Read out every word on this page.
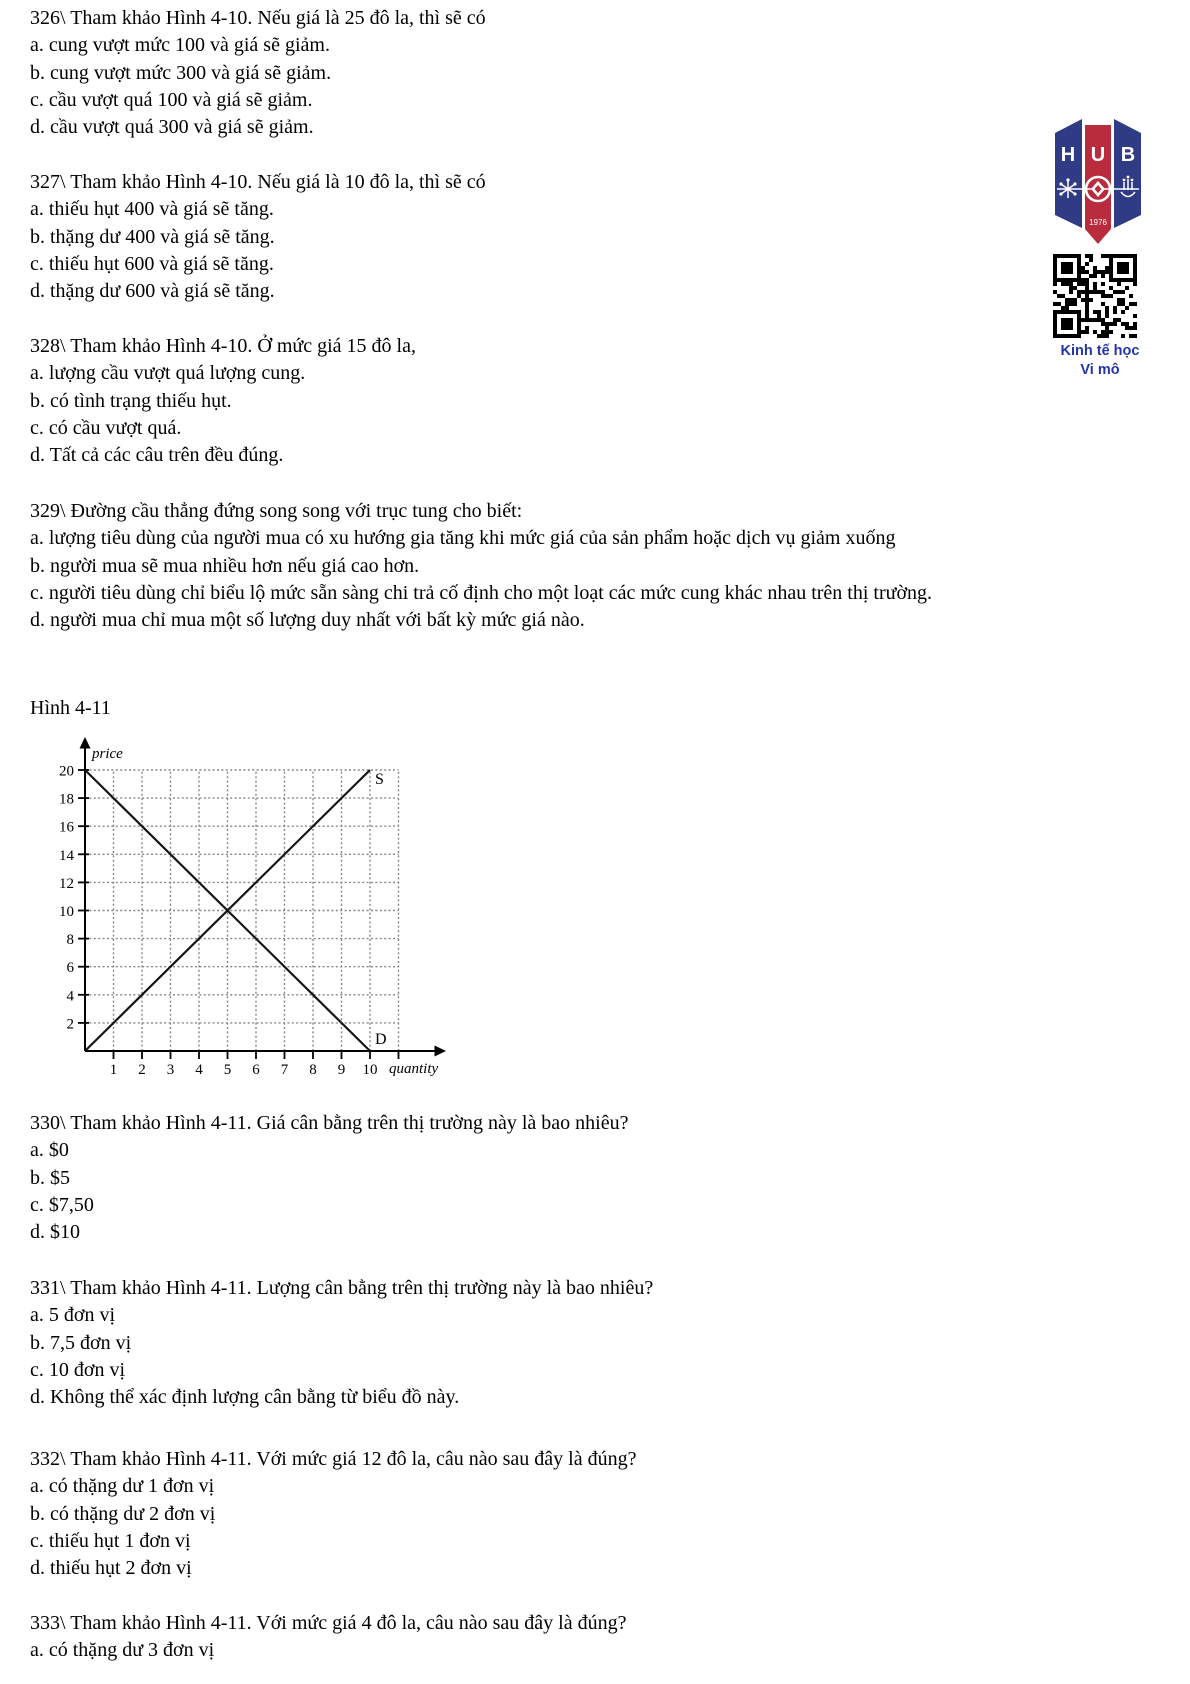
326\ Tham khảo Hình 4-10. Nếu giá là 25 đô la, thì sẽ có
a. cung vượt mức 100 và giá sẽ giảm.
b. cung vượt mức 300 và giá sẽ giảm.
c. cầu vượt quá 100 và giá sẽ giảm.
d. cầu vượt quá 300 và giá sẽ giảm.
327\ Tham khảo Hình 4-10. Nếu giá là 10 đô la, thì sẽ có
a. thiếu hụt 400 và giá sẽ tăng.
b. thặng dư 400 và giá sẽ tăng.
c. thiếu hụt 600 và giá sẽ tăng.
d. thặng dư 600 và giá sẽ tăng.
328\ Tham khảo Hình 4-10. Ở mức giá 15 đô la,
a. lượng cầu vượt quá lượng cung.
b. có tình trạng thiếu hụt.
c. có cầu vượt quá.
d. Tất cả các câu trên đều đúng.
329\ Đường cầu thẳng đứng song song với trục tung cho biết:
a. lượng tiêu dùng của người mua có xu hướng gia tăng khi mức giá của sản phẩm hoặc dịch vụ giảm xuống
b. người mua sẽ mua nhiều hơn nếu giá cao hơn.
c. người tiêu dùng chỉ biểu lộ mức sẵn sàng chi trả cố định cho một loạt các mức cung khác nhau trên thị trường.
d. người mua chỉ mua một số lượng duy nhất với bất kỳ mức giá nào.
Hình 4-11
2
4
6
8
10
12
14
16
18
20
1 2 3 4 5 6 7 8 9 10
price
quantity
D
S
330\ Tham khảo Hình 4-11. Giá cân bằng trên thị trường này là bao nhiêu?
a. $0
b. $5
c. $7,50
d. $10
331\ Tham khảo Hình 4-11. Lượng cân bằng trên thị trường này là bao nhiêu?
a. 5 đơn vị
b. 7,5 đơn vị
c. 10 đơn vị
d. Không thể xác định lượng cân bằng từ biểu đồ này.
332\ Tham khảo Hình 4-11. Với mức giá 12 đô la, câu nào sau đây là đúng?
a. có thặng dư 1 đơn vị
b. có thặng dư 2 đơn vị
c. thiếu hụt 1 đơn vị
d. thiếu hụt 2 đơn vị
333\ Tham khảo Hình 4-11. Với mức giá 4 đô la, câu nào sau đây là đúng?
a. có thặng dư 3 đơn vị
H U B
1976
Kinh tế học
Vi mô
